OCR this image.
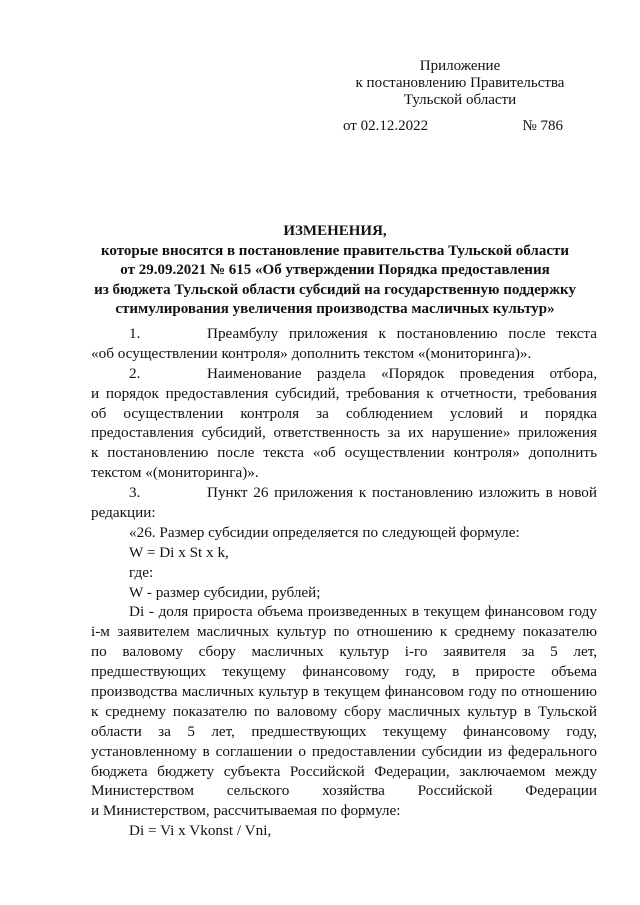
Приложение
к постановлению Правительства
Тульской области
от 02.12.2022	№ 786
ИЗМЕНЕНИЯ,
которые вносятся в постановление правительства Тульской области
от 29.09.2021 № 615 «Об утверждении Порядка предоставления
из бюджета Тульской области субсидий на государственную поддержку
стимулирования увеличения производства масличных культур»
1.	Преамбулу приложения к постановлению после текста
«об осуществлении контроля» дополнить текстом «(мониторинга)».
2.	Наименование раздела «Порядок проведения отбора,
и порядок предоставления субсидий, требования к отчетности, требования
об осуществлении контроля за соблюдением условий и порядка
предоставления субсидий, ответственность за их нарушение» приложения
к постановлению после текста «об осуществлении контроля» дополнить
текстом «(мониторинга)».
3.	Пункт 26 приложения к постановлению изложить в новой
редакции:
«26. Размер субсидии определяется по следующей формуле:
W = Di x St x k,
где:
W - размер субсидии, рублей;
Di - доля прироста объема произведенных в текущем финансовом году
i-м заявителем масличных культур по отношению к среднему показателю
по валовому сбору масличных культур i-го заявителя за 5 лет,
предшествующих текущему финансовому году, в приросте объема
производства масличных культур в текущем финансовом году по отношению
к среднему показателю по валовому сбору масличных культур в Тульской
области за 5 лет, предшествующих текущему финансовому году,
установленному в соглашении о предоставлении субсидии из федерального
бюджета бюджету субъекта Российской Федерации, заключаемом между
Министерством сельского хозяйства Российской Федерации
и Министерством, рассчитываемая по формуле:
Di = Vi x Vkonst / Vni,
